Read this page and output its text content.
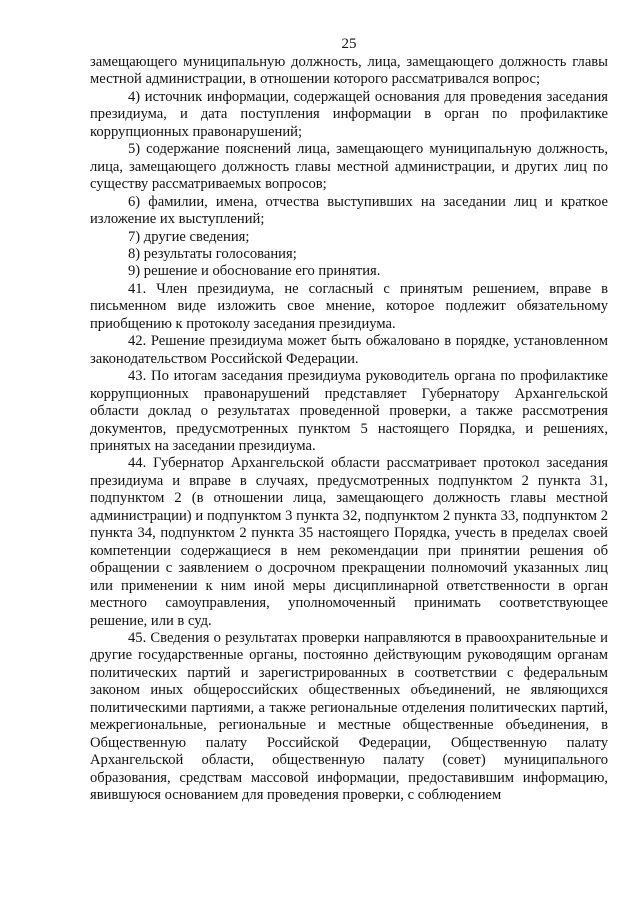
25

замещающего муниципальную должность, лица, замещающего должность главы местной администрации, в отношении которого рассматривался вопрос;

4) источник информации, содержащей основания для проведения заседания президиума, и дата поступления информации в орган по профилактике коррупционных правонарушений;

5) содержание пояснений лица, замещающего муниципальную должность, лица, замещающего должность главы местной администрации, и других лиц по существу рассматриваемых вопросов;

6) фамилии, имена, отчества выступивших на заседании лиц и краткое изложение их выступлений;

7) другие сведения;

8) результаты голосования;

9) решение и обоснование его принятия.

41. Член президиума, не согласный с принятым решением, вправе в письменном виде изложить свое мнение, которое подлежит обязательному приобщению к протоколу заседания президиума.

42. Решение президиума может быть обжаловано в порядке, установленном законодательством Российской Федерации.

43. По итогам заседания президиума руководитель органа по профилактике коррупционных правонарушений представляет Губернатору Архангельской области доклад о результатах проведенной проверки, а также рассмотрения документов, предусмотренных пунктом 5 настоящего Порядка, и решениях, принятых на заседании президиума.

44. Губернатор Архангельской области рассматривает протокол заседания президиума и вправе в случаях, предусмотренных подпунктом 2 пункта 31, подпунктом 2 (в отношении лица, замещающего должность главы местной администрации) и подпунктом 3 пункта 32, подпунктом 2 пункта 33, подпунктом 2 пункта 34, подпунктом 2 пункта 35 настоящего Порядка, учесть в пределах своей компетенции содержащиеся в нем рекомендации при принятии решения об обращении с заявлением о досрочном прекращении полномочий указанных лиц или применении к ним иной меры дисциплинарной ответственности в орган местного самоуправления, уполномоченный принимать соответствующее решение, или в суд.

45. Сведения о результатах проверки направляются в правоохранительные и другие государственные органы, постоянно действующим руководящим органам политических партий и зарегистрированных в соответствии с федеральным законом иных общероссийских общественных объединений, не являющихся политическими партиями, а также региональные отделения политических партий, межрегиональные, региональные и местные общественные объединения, в Общественную палату Российской Федерации, Общественную палату Архангельской области, общественную палату (совет) муниципального образования, средствам массовой информации, предоставившим информацию, явившуюся основанием для проведения проверки, с соблюдением
